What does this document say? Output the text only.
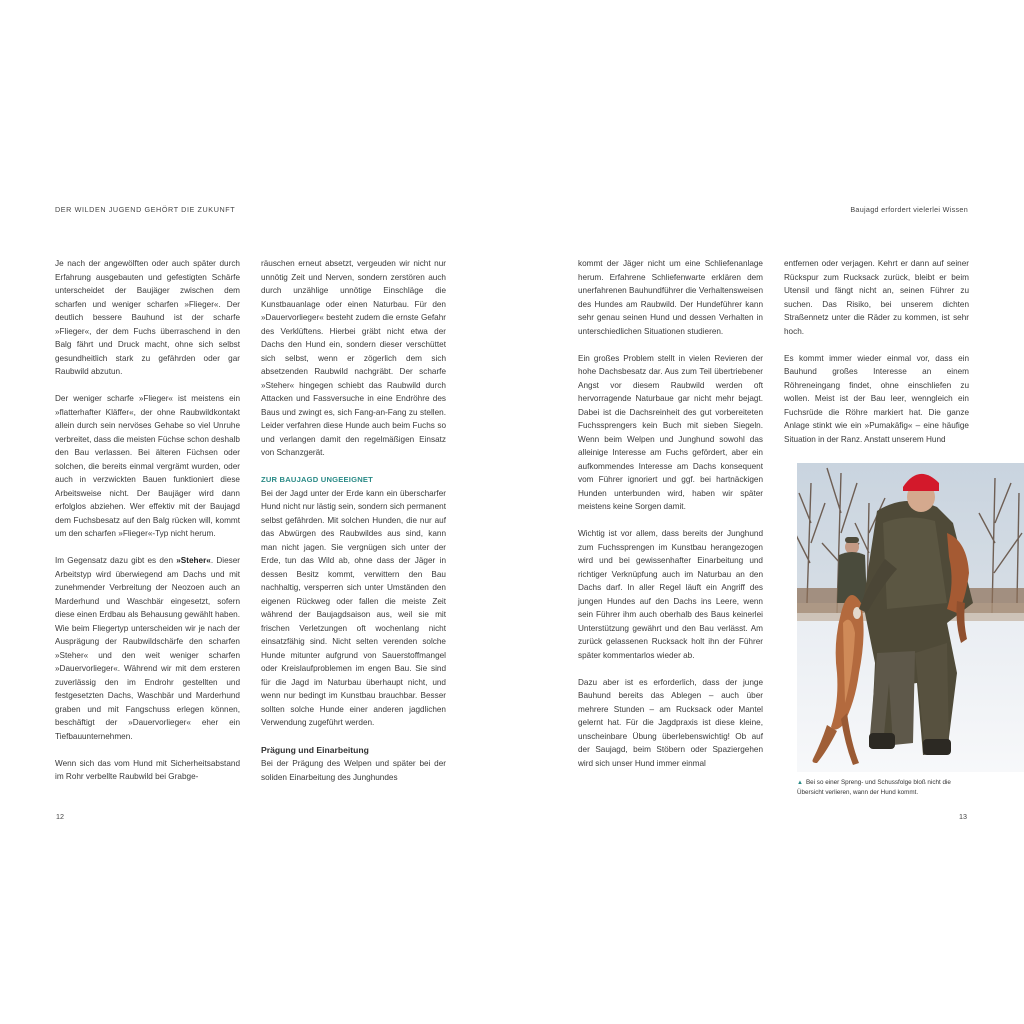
DER WILDEN JUGEND GEHÖRT DIE ZUKUNFT	Baujagd erfordert vielerlei Wissen

Je nach der angewölften oder auch später durch Erfahrung ausgebauten und gefestigten Schärfe unterscheidet der Baujäger zwischen dem scharfen und weniger scharfen »Flieger«. Der deutlich bessere Bauhund ist der scharfe »Flieger«, der dem Fuchs überraschend in den Balg fährt und Druck macht, ohne sich selbst gesundheitlich stark zu gefährden oder gar Raubwild abzutun.

Der weniger scharfe »Flieger« ist meistens ein »flatterhafter Kläffer«, der ohne Raubwildkontakt allein durch sein nervöses Gehabe so viel Unruhe verbreitet, dass die meisten Füchse schon deshalb den Bau verlassen. Bei älteren Füchsen oder solchen, die bereits einmal vergrämt wurden, oder auch in verzwickten Bauen funktioniert diese Arbeitsweise nicht. Der Baujäger wird dann erfolglos abziehen. Wer effektiv mit der Baujagd dem Fuchsbesatz auf den Balg rücken will, kommt um den scharfen »Flieger«-Typ nicht herum.

Im Gegensatz dazu gibt es den »Steher«. Dieser Arbeitstyp wird überwiegend am Dachs und mit zunehmender Verbreitung der Neozoen auch an Marderhund und Waschbär eingesetzt, sofern diese einen Erdbau als Behausung gewählt haben. Wie beim Fliegertyp unterscheiden wir je nach der Ausprägung der Raubwildschärfe den scharfen »Steher« und den weit weniger scharfen »Dauervorlieger«. Während wir mit dem ersteren zuverlässig den im Endrohr gestellten und festgesetzten Dachs, Waschbär und Marderhund graben und mit Fangschuss erlegen können, beschäftigt der »Dauervorlieger« eher ein Tiefbauunternehmen.

Wenn sich das vom Hund mit Sicherheitsabstand im Rohr verbellte Raubwild bei Grabge-

räuschen erneut absetzt, vergeuden wir nicht nur unnötig Zeit und Nerven, sondern zerstören auch durch unzählige unnötige Einschläge die Kunstbauanlage oder einen Naturbau. Für den »Dauervorlieger« besteht zudem die ernste Gefahr des Verklüftens. Hierbei gräbt nicht etwa der Dachs den Hund ein, sondern dieser verschüttet sich selbst, wenn er zögerlich dem sich absetzenden Raubwild nachgräbt. Der scharfe »Steher« hingegen schiebt das Raubwild durch Attacken und Fassversuche in eine Endröhre des Baus und zwingt es, sich Fang-an-Fang zu stellen. Leider verfahren diese Hunde auch beim Fuchs so und verlangen damit den regelmäßigen Einsatz von Schanzgerät.

ZUR BAUJAGD UNGEEIGNET

Bei der Jagd unter der Erde kann ein überscharfer Hund nicht nur lästig sein, sondern sich permanent selbst gefährden. Mit solchen Hunden, die nur auf das Abwürgen des Raubwildes aus sind, kann man nicht jagen. Sie vergnügen sich unter der Erde, tun das Wild ab, ohne dass der Jäger in dessen Besitz kommt, verwittern den Bau nachhaltig, versperren sich unter Umständen den eigenen Rückweg oder fallen die meiste Zeit während der Baujagdsaison aus, weil sie mit frischen Verletzungen oft wochenlang nicht einsatzfähig sind. Nicht selten verenden solche Hunde mitunter aufgrund von Sauerstoffmangel oder Kreislaufproblemen im engen Bau. Sie sind für die Jagd im Naturbau überhaupt nicht, und wenn nur bedingt im Kunstbau brauchbar. Besser sollten solche Hunde einer anderen jagdlichen Verwendung zugeführt werden.

Prägung und Einarbeitung

Bei der Prägung des Welpen und später bei der soliden Einarbeitung des Junghundes

kommt der Jäger nicht um eine Schliefenanlage herum. Erfahrene Schliefenwarte erklären dem unerfahrenen Bauhundführer die Verhaltensweisen des Hundes am Raubwild. Der Hundeführer kann sehr genau seinen Hund und dessen Verhalten in unterschiedlichen Situationen studieren.

Ein großes Problem stellt in vielen Revieren der hohe Dachsbesatz dar. Aus zum Teil übertriebener Angst vor diesem Raubwild werden oft hervorragende Naturbaue gar nicht mehr bejagt. Dabei ist die Dachsreinheit des gut vorbereiteten Fuchssprengers kein Buch mit sieben Siegeln. Wenn beim Welpen und Junghund sowohl das alleinige Interesse am Fuchs gefördert, aber ein aufkommendes Interesse am Dachs konsequent vom Führer ignoriert und ggf. bei hartnäckigen Hunden unterbunden wird, haben wir später meistens keine Sorgen damit.

Wichtig ist vor allem, dass bereits der Junghund zum Fuchssprengen im Kunstbau herangezogen wird und bei gewissenhafter Einarbeitung und richtiger Verknüpfung auch im Naturbau an den Dachs darf. In aller Regel läuft ein Angriff des jungen Hundes auf den Dachs ins Leere, wenn sein Führer ihm auch oberhalb des Baus keinerlei Unterstützung gewährt und den Bau verlässt. Am zurück gelassenen Rucksack holt ihn der Führer später kommentarlos wieder ab.

Dazu aber ist es erforderlich, dass der junge Bauhund bereits das Ablegen – auch über mehrere Stunden – am Rucksack oder Mantel gelernt hat. Für die Jagdpraxis ist diese kleine, unscheinbare Übung überlebenswichtig! Ob auf der Saujagd, beim Stöbern oder Spaziergehen wird sich unser Hund immer einmal

entfernen oder verjagen. Kehrt er dann auf seiner Rückspur zum Rucksack zurück, bleibt er beim Utensil und fängt nicht an, seinen Führer zu suchen. Das Risiko, bei unserem dichten Straßennetz unter die Räder zu kommen, ist sehr hoch.

Es kommt immer wieder einmal vor, dass ein Bauhund großes Interesse an einem Röhreneingang findet, ohne einschliefen zu wollen. Meist ist der Bau leer, wenngleich ein Fuchsrüde die Röhre markiert hat. Die ganze Anlage stinkt wie ein »Pumakäfig« – eine häufige Situation in der Ranz. Anstatt unserem Hund

▲ Bei so einer Spreng- und Schussfolge bloß nicht die Übersicht verlieren, wann der Hund kommt.
12	13
